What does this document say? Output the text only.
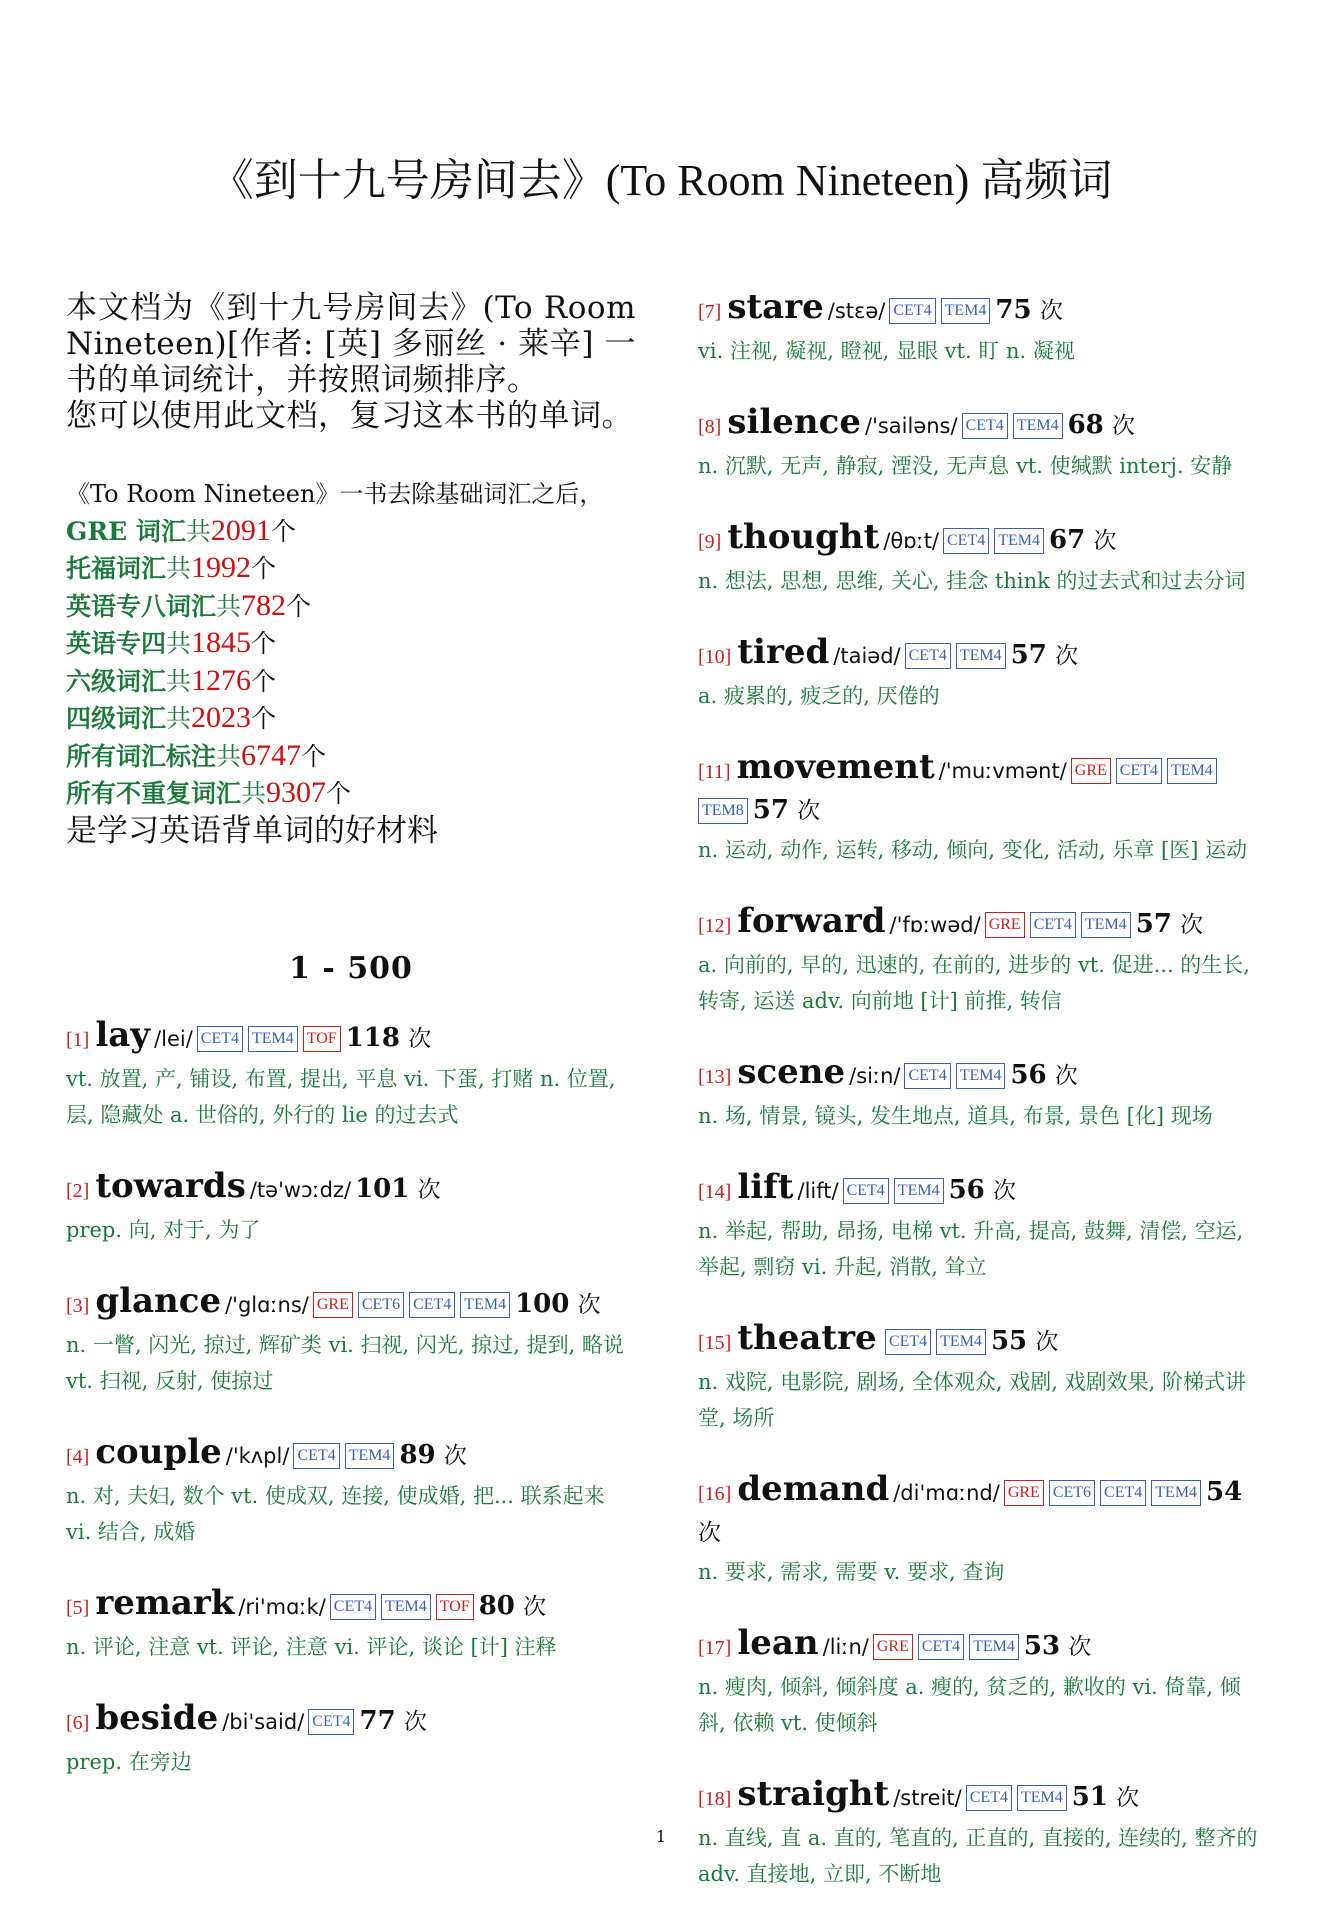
《到十九号房间去》(To Room Nineteen) 高频词

本文档为《到十九号房间去》(To Room Nineteen)[作者: [英] 多丽丝 · 莱辛] 一书的单词统计，并按照词频排序。

您可以使用此文档，复习这本书的单词。

《To Room Nineteen》一书去除基础词汇之后，
GRE 词汇共2091个
托福词汇共1992个
英语专八词汇共782个
英语专四共1845个
六级词汇共1276个
四级词汇共2023个
所有词汇标注共6747个
所有不重复词汇共9307个
是学习英语背单词的好材料
1 - 500
[1] lay /lei/ CET4 TEM4 TOF 118 次
vt. 放置, 产, 铺设, 布置, 提出, 平息 vi. 下蛋, 打赌 n. 位置, 层, 隐藏处 a. 世俗的, 外行的 lie 的过去式
[2] towards /tə'wɔːdz/ 101 次
prep. 向, 对于, 为了
[3] glance /'glɑːns/ GRE CET6 CET4 TEM4 100 次
n. 一瞥, 闪光, 掠过, 辉矿类 vi. 扫视, 闪光, 掠过, 提到, 略说 vt. 扫视, 反射, 使掠过
[4] couple /'kʌpl/ CET4 TEM4 89 次
n. 对, 夫妇, 数个 vt. 使成双, 连接, 使成婚, 把... 联系起来 vi. 结合, 成婚
[5] remark /ri'mɑːk/ CET4 TEM4 TOF 80 次
n. 评论, 注意 vt. 评论, 注意 vi. 评论, 谈论 [计] 注释
[6] beside /bi'said/ CET4 77 次
prep. 在旁边
[7] stare /stɛə/ CET4 TEM4 75 次
vi. 注视, 凝视, 瞪视, 显眼 vt. 盯 n. 凝视
[8] silence /'sailəns/ CET4 TEM4 68 次
n. 沉默, 无声, 静寂, 湮没, 无声息 vt. 使缄默 interj. 安静
[9] thought /θɒːt/ CET4 TEM4 67 次
n. 想法, 思想, 思维, 关心, 挂念 think 的过去式和过去分词
[10] tired /taiəd/ CET4 TEM4 57 次
a. 疲累的, 疲乏的, 厌倦的
[11] movement /'muːvmənt/ GRE CET4 TEM4TEM8 57 次
n. 运动, 动作, 运转, 移动, 倾向, 变化, 活动, 乐章 [医] 运动
[12] forward /'fɒːwəd/ GRE CET4 TEM4 57 次
a. 向前的, 早的, 迅速的, 在前的, 进步的 vt. 促进... 的生长, 转寄, 运送 adv. 向前地 [计] 前推, 转信
[13] scene /siːn/ CET4 TEM4 56 次
n. 场, 情景, 镜头, 发生地点, 道具, 布景, 景色 [化] 现场
[14] lift /lift/ CET4 TEM4 56 次
n. 举起, 帮助, 昂扬, 电梯 vt. 升高, 提高, 鼓舞, 清偿, 空运, 举起, 剽窃 vi. 升起, 消散, 耸立
[15] theatre CET4 TEM4 55 次
n. 戏院, 电影院, 剧场, 全体观众, 戏剧, 戏剧效果, 阶梯式讲堂, 场所
[16] demand /di'mɑːnd/ GRE CET6 CET4 TEM4 54 次
n. 要求, 需求, 需要 v. 要求, 查询
[17] lean /liːn/ GRE CET4 TEM4 53 次
n. 瘦肉, 倾斜, 倾斜度 a. 瘦的, 贫乏的, 歉收的 vi. 倚靠, 倾斜, 依赖 vt. 使倾斜
[18] straight /streit/ CET4 TEM4 51 次
n. 直线, 直 a. 直的, 笔直的, 正直的, 直接的, 连续的, 整齐的 adv. 直接地, 立即, 不断地
1
